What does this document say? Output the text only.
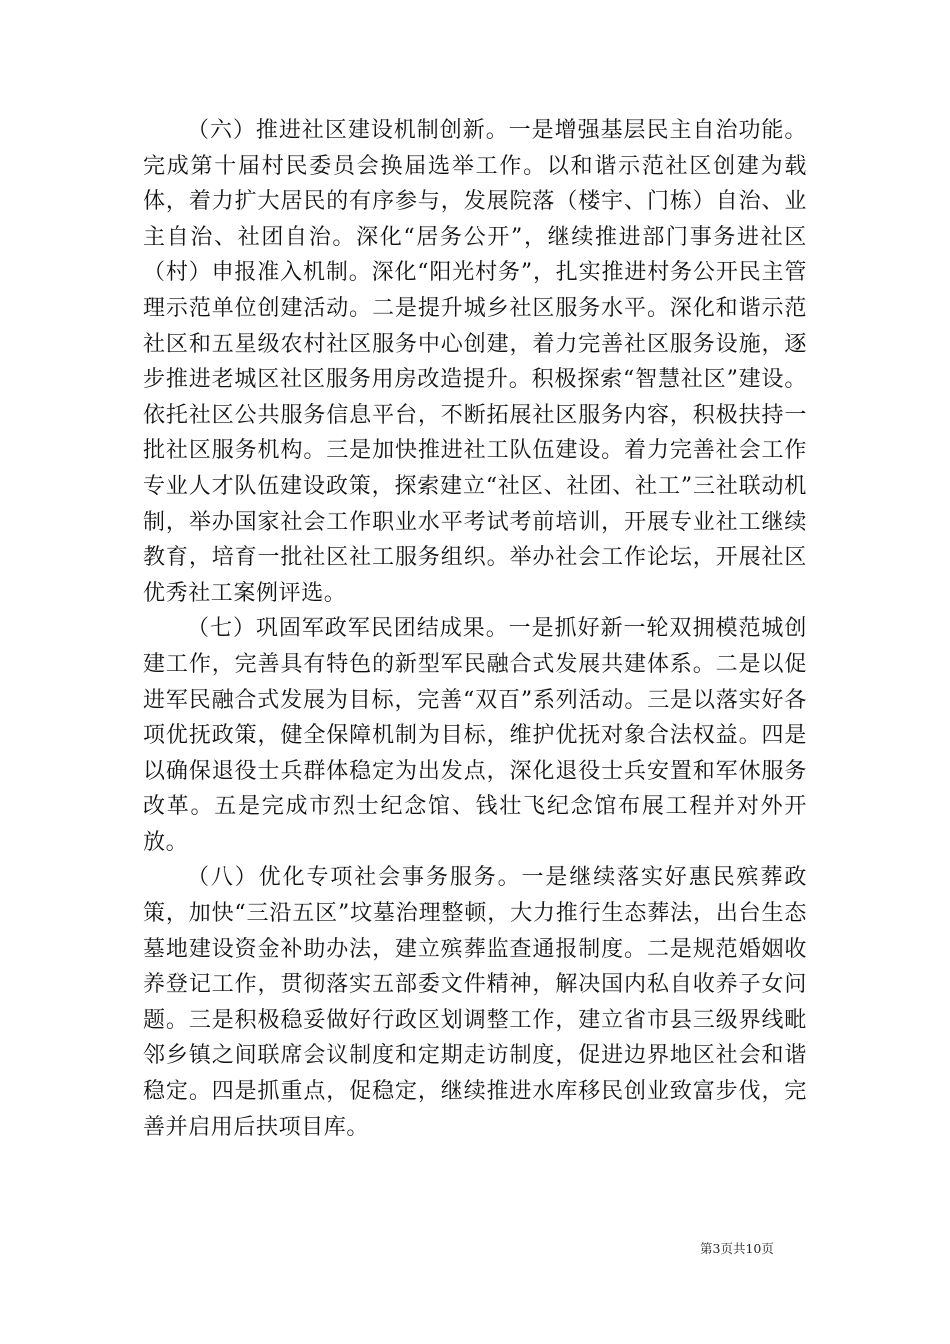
（六）推进社区建设机制创新。一是增强基层民主自治功能。完成第十届村民委员会换届选举工作。以和谐示范社区创建为载体，着力扩大居民的有序参与，发展院落（楼宇、门栋）自治、业主自治、社团自治。深化“居务公开”，继续推进部门事务进社区（村）申报准入机制。深化“阳光村务”，扎实推进村务公开民主管理示范单位创建活动。二是提升城乡社区服务水平。深化和谐示范社区和五星级农村社区服务中心创建，着力完善社区服务设施，逐步推进老城区社区服务用房改造提升。积极探索“智慧社区”建设。依托社区公共服务信息平台，不断拓展社区服务内容，积极扶持一批社区服务机构。三是加快推进社工队伍建设。着力完善社会工作专业人才队伍建设政策，探索建立“社区、社团、社工”三社联动机制，举办国家社会工作职业水平考试考前培训，开展专业社工继续教育，培育一批社区社工服务组织。举办社会工作论坛，开展社区优秀社工案例评选。

（七）巩固军政军民团结成果。一是抓好新一轮双拥模范城创建工作，完善具有特色的新型军民融合式发展共建体系。二是以促进军民融合式发展为目标，完善“双百”系列活动。三是以落实好各项优抚政策，健全保障机制为目标，维护优抚对象合法权益。四是以确保退役士兵群体稳定为出发点，深化退役士兵安置和军休服务改革。五是完成市烈士纪念馆、钱壮飞纪念馆布展工程并对外开放。

（八）优化专项社会事务服务。一是继续落实好惠民殡葬政策，加快“三沿五区”坟墓治理整顿，大力推行生态葬法，出台生态墓地建设资金补助办法，建立殡葬监查通报制度。二是规范婚姻收养登记工作，贯彻落实五部委文件精神，解决国内私自收养子女问题。三是积极稳妥做好行政区划调整工作，建立省市县三级界线毗邻乡镇之间联席会议制度和定期走访制度，促进边界地区社会和谐稳定。四是抓重点，促稳定，继续推进水库移民创业致富步伐，完善并启用后扶项目库。

第3页共10页
